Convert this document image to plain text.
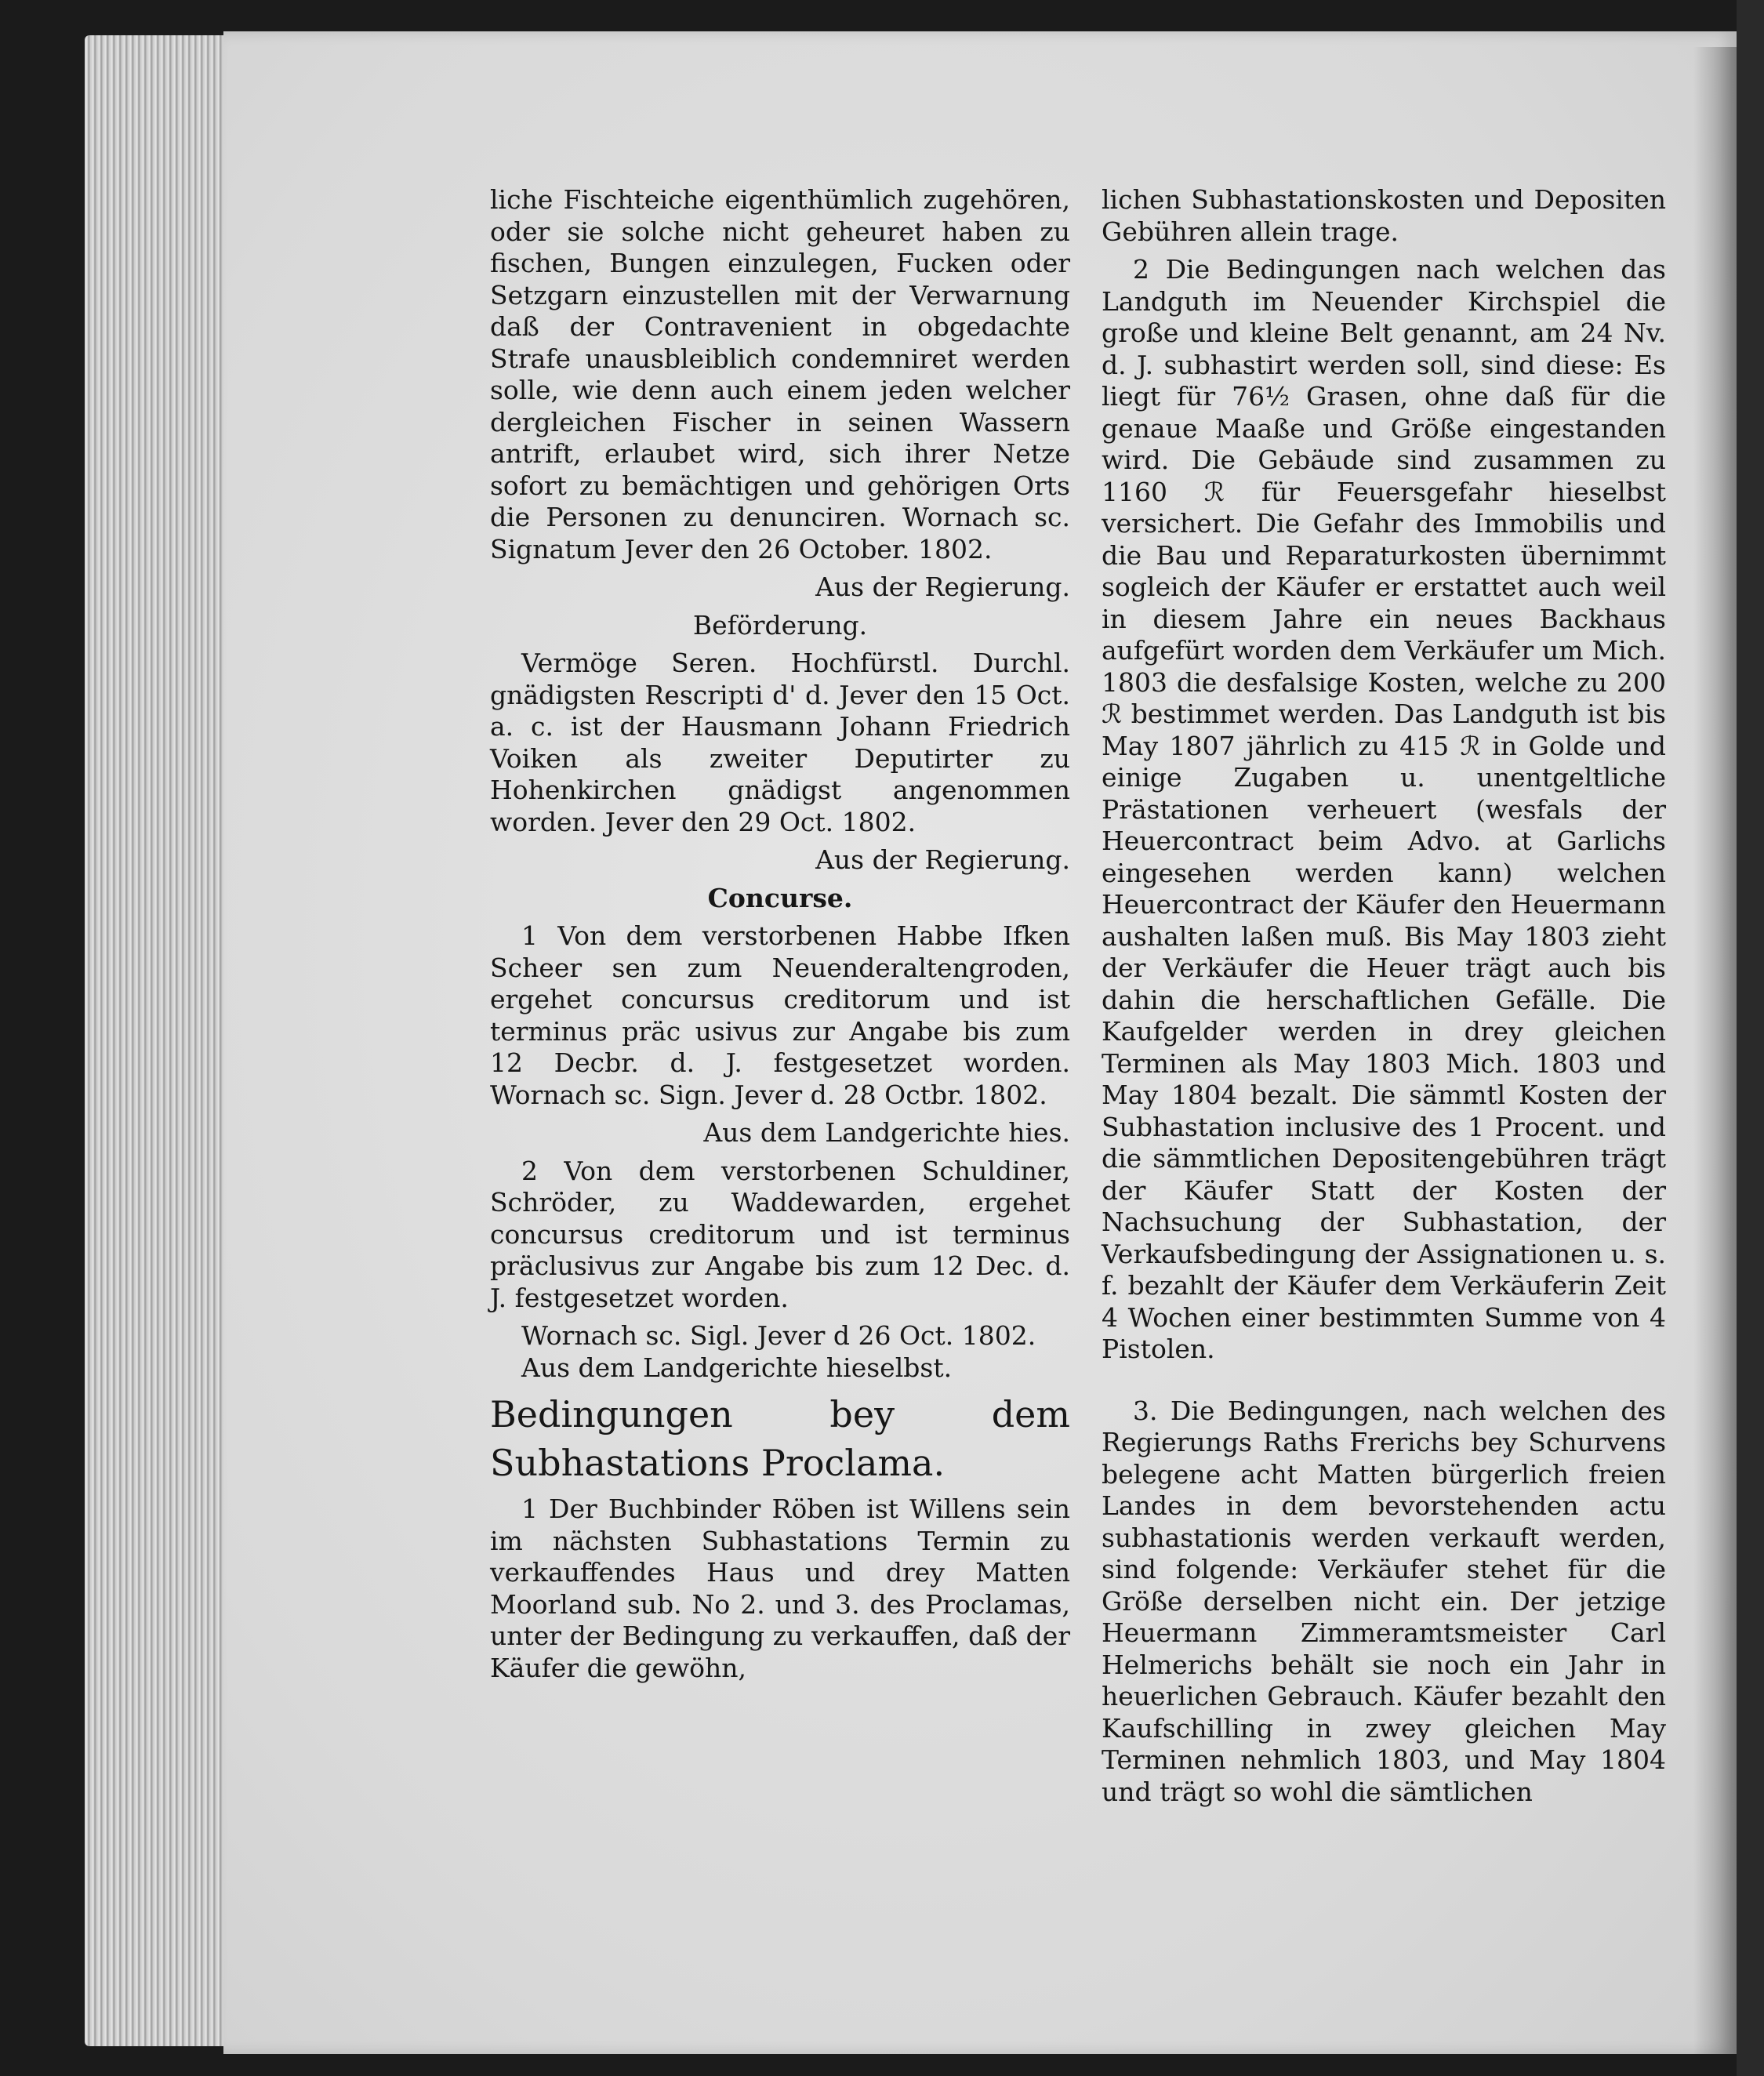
liche Fischteiche eigenthümlich zugehören, oder sie solche nicht geheuret haben zu fischen, Bungen einzulegen, Fucken oder Setzgarn einzustellen mit der Verwarnung daß der Contravenient in obgedachte Strafe unausbleiblich condemniret werden solle, wie denn auch einem jeden welcher dergleichen Fischer in seinen Wassern antrift, erlaubet wird, sich ihrer Netze sofort zu bemächtigen und gehörigen Orts die Personen zu denunciren. Wornach sc. Signatum Jever den 26 October. 1802.

Aus der Regierung.

Beförderung.

Vermöge Seren. Hochfürstl. Durchl. gnädigsten Rescripti d' d. Jever den 15 Oct. a. c. ist der Hausmann Johann Friedrich Voiken als zweiter Deputirter zu Hohenkirchen gnädigst angenommen worden. Jever den 29 Oct. 1802.

Aus der Regierung.

Concurse.

1 Von dem verstorbenen Habbe Ifken Scheer sen zum Neuenderaltengroden, ergehet concursus creditorum und ist terminus präc usivus zur Angabe bis zum 12 Decbr. d. J. festgesetzet worden. Wornach sc. Sign. Jever d. 28 Octbr. 1802.

Aus dem Landgerichte hies.

2 Von dem verstorbenen Schuldiner, Schröder, zu Waddewarden, ergehet concursus creditorum und ist terminus präclusivus zur Angabe bis zum 12 Dec. d. J. festgesetzet worden.

Wornach sc. Sigl. Jever d 26 Oct. 1802.

Aus dem Landgerichte hieselbst.

Bedingungen bey dem Subhastations Proclama.

1 Der Buchbinder Röben ist Willens sein im nächsten Subhastations Termin zu verkauffendes Haus und drey Matten Moorland sub. No 2. und 3. des Proclamas, unter der Bedingung zu verkauffen, daß der Käufer die gewöhn,

lichen Subhastationskosten und Depositen Gebühren allein trage.

2 Die Bedingungen nach welchen das Landguth im Neuender Kirchspiel die große und kleine Belt genannt, am 24 Nv. d. J. subhastirt werden soll, sind diese: Es liegt für 76½ Grasen, ohne daß für die genaue Maaße und Größe eingestanden wird. Die Gebäude sind zusammen zu 1160 ℛ für Feuersgefahr hieselbst versichert. Die Gefahr des Immobilis und die Bau und Reparaturkosten übernimmt sogleich der Käufer er erstattet auch weil in diesem Jahre ein neues Backhaus aufgefürt worden dem Verkäufer um Mich. 1803 die desfalsige Kosten, welche zu 200 ℛ bestimmet werden. Das Landguth ist bis May 1807 jährlich zu 415 ℛ in Golde und einige Zugaben u. unentgeltliche Prästationen verheuert (wesfals der Heuercontract beim Advo. at Garlichs eingesehen werden kann) welchen Heuercontract der Käufer den Heuermann aushalten laßen muß. Bis May 1803 zieht der Verkäufer die Heuer trägt auch bis dahin die herschaftlichen Gefälle. Die Kaufgelder werden in drey gleichen Terminen als May 1803 Mich. 1803 und May 1804 bezalt. Die sämmtl Kosten der Subhastation inclusive des 1 Procent. und die sämmtlichen Depositengebühren trägt der Käufer Statt der Kosten der Nachsuchung der Subhastation, der Verkaufsbedingung der Assignationen u. s. f. bezahlt der Käufer dem Verkäuferin Zeit 4 Wochen einer bestimmten Summe von 4 Pistolen.

3. Die Bedingungen, nach welchen des Regierungs Raths Frerichs bey Schurvens belegene acht Matten bürgerlich freien Landes in dem bevorstehenden actu subhastationis werden verkauft werden, sind folgende: Verkäufer stehet für die Größe derselben nicht ein. Der jetzige Heuermann Zimmeramtsmeister Carl Helmerichs behält sie noch ein Jahr in heuerlichen Gebrauch. Käufer bezahlt den Kaufschilling in zwey gleichen May Terminen nehmlich 1803, und May 1804 und trägt so wohl die sämtlichen
